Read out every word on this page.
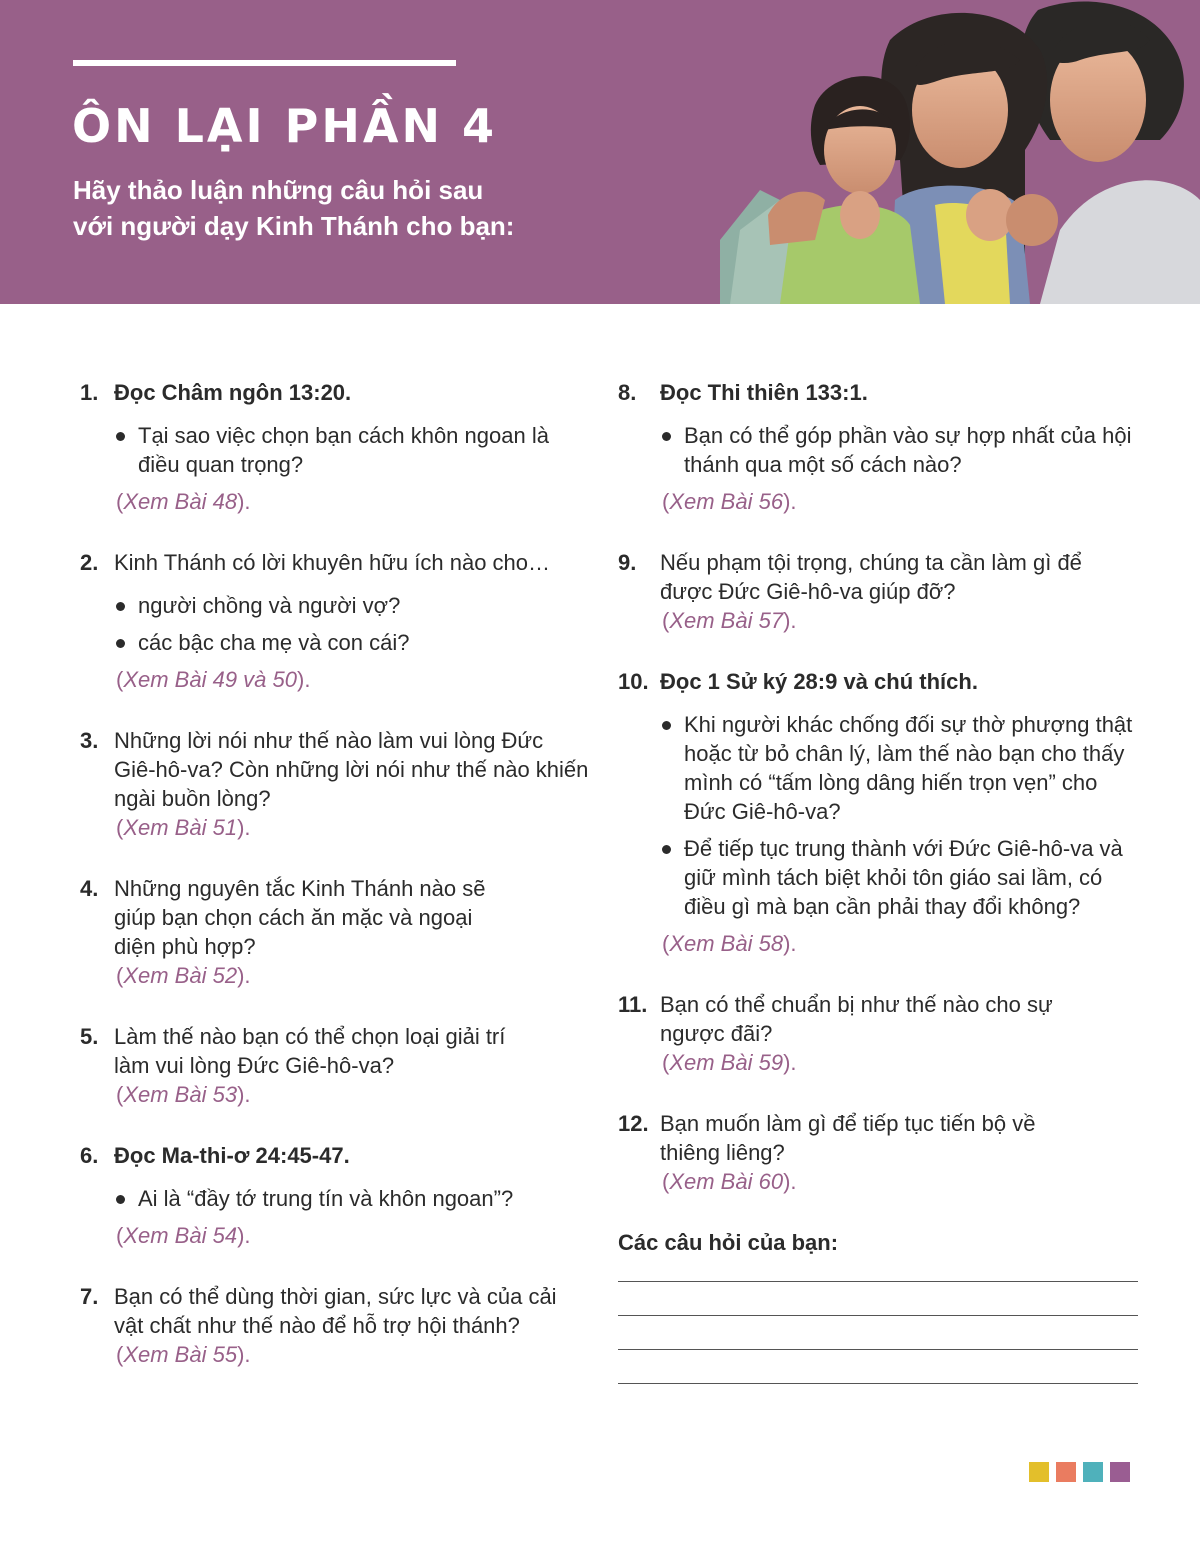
ÔN LẠI PHẦN 4
Hãy thảo luận những câu hỏi sau
với người dạy Kinh Thánh cho bạn:
1. Đọc Châm ngôn 13:20.
Tại sao việc chọn bạn cách khôn ngoan là điều quan trọng?
(Xem Bài 48).
2. Kinh Thánh có lời khuyên hữu ích nào cho…
người chồng và người vợ?
các bậc cha mẹ và con cái?
(Xem Bài 49 và 50).
3. Những lời nói như thế nào làm vui lòng Đức Giê-hô-va? Còn những lời nói như thế nào khiến ngài buồn lòng?
(Xem Bài 51).
4. Những nguyên tắc Kinh Thánh nào sẽ giúp bạn chọn cách ăn mặc và ngoại diện phù hợp?
(Xem Bài 52).
5. Làm thế nào bạn có thể chọn loại giải trí làm vui lòng Đức Giê-hô-va?
(Xem Bài 53).
6. Đọc Ma-thi-ơ 24:45-47.
Ai là “đầy tớ trung tín và khôn ngoan”?
(Xem Bài 54).
7. Bạn có thể dùng thời gian, sức lực và của cải vật chất như thế nào để hỗ trợ hội thánh?
(Xem Bài 55).
8.	Đọc Thi thiên 133:1.
Bạn có thể góp phần vào sự hợp nhất của hội thánh qua một số cách nào?
(Xem Bài 56).
9.	Nếu phạm tội trọng, chúng ta cần làm gì để được Đức Giê-hô-va giúp đỡ?
(Xem Bài 57).
10. Đọc 1 Sử ký 28:9 và chú thích.
Khi người khác chống đối sự thờ phượng thật hoặc từ bỏ chân lý, làm thế nào bạn cho thấy mình có “tấm lòng dâng hiến trọn vẹn” cho Đức Giê-hô-va?
Để tiếp tục trung thành với Đức Giê-hô-va và giữ mình tách biệt khỏi tôn giáo sai lầm, có điều gì mà bạn cần phải thay đổi không?
(Xem Bài 58).
11. Bạn có thể chuẩn bị như thế nào cho sự ngược đãi?
(Xem Bài 59).
12. Bạn muốn làm gì để tiếp tục tiến bộ về thiêng liêng?
(Xem Bài 60).
Các câu hỏi của bạn:
